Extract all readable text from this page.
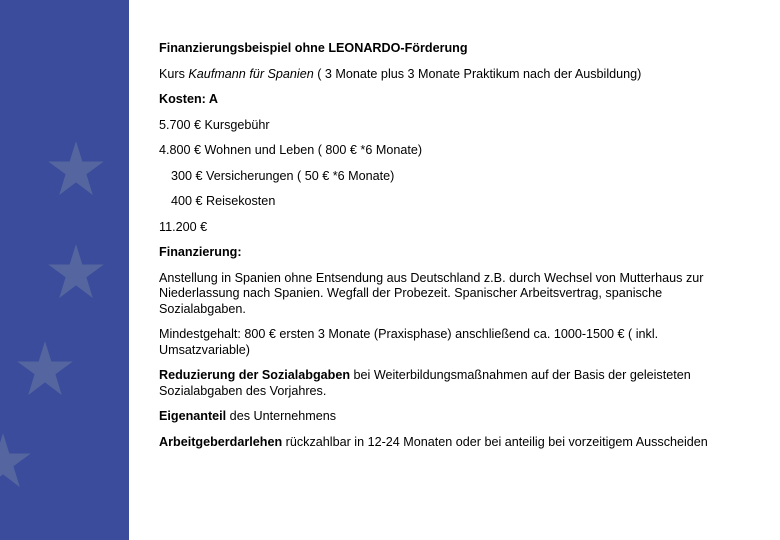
Finanzierungsbeispiel ohne LEONARDO-Förderung
Kurs Kaufmann für Spanien ( 3 Monate plus 3 Monate Praktikum nach der Ausbildung)
Kosten: A
5.700 € Kursgebühr
4.800 € Wohnen und Leben ( 800 € *6 Monate)
300 € Versicherungen ( 50 € *6 Monate)
400 € Reisekosten
11.200 €
Finanzierung:
Anstellung in Spanien ohne Entsendung aus Deutschland z.B. durch Wechsel von Mutterhaus zur Niederlassung nach Spanien. Wegfall der Probezeit. Spanischer Arbeitsvertrag, spanische Sozialabgaben.
Mindestgehalt: 800 € ersten 3 Monate (Praxisphase) anschließend ca. 1000-1500 € ( inkl. Umsatzvariable)
Reduzierung der Sozialabgaben bei Weiterbildungsmaßnahmen auf der Basis der geleisteten Sozialabgaben des Vorjahres.
Eigenanteil des Unternehmens
Arbeitgeberdarlehen rückzahlbar in 12-24 Monaten oder bei anteilig bei vorzeitigem Ausscheiden
